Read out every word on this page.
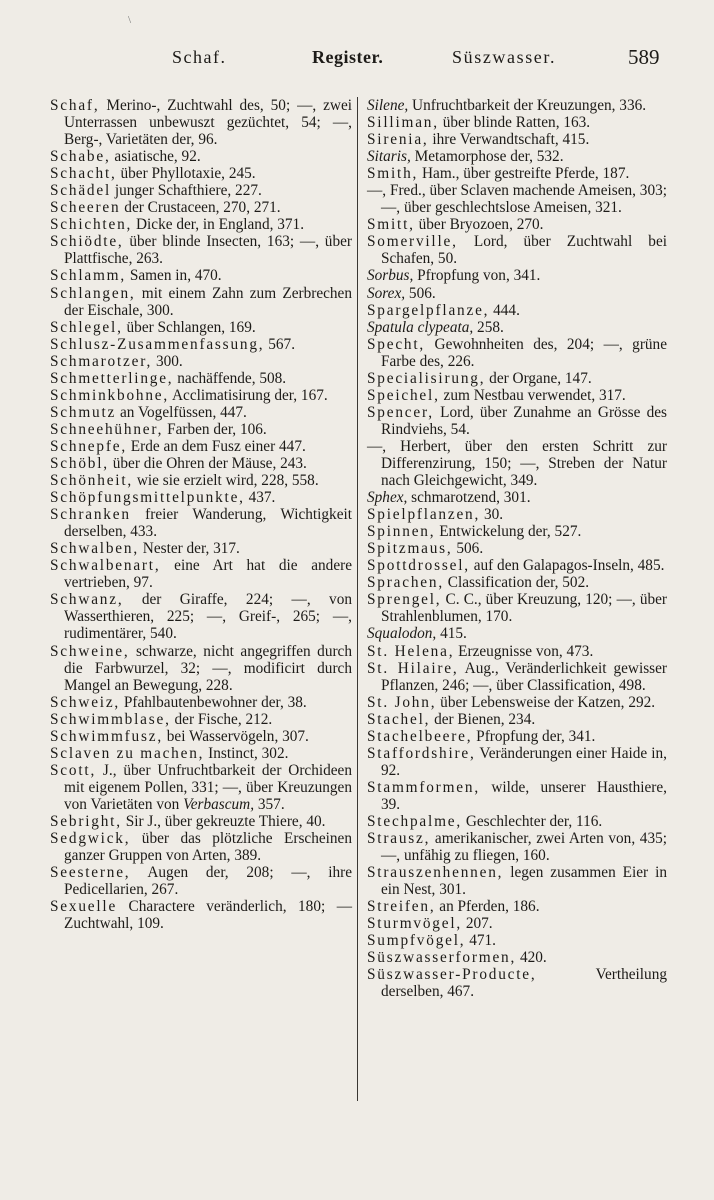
\
Schaf.	Register.	Süszwasser.	589

Schaf, Merino-, Zuchtwahl des, 50; —, zwei Unterrassen unbewuszt gezüchtet, 54; —, Berg-, Varietäten der, 96.

Schabe, asiatische, 92.

Schacht, über Phyllotaxie, 245.

Schädel junger Schafthiere, 227.

Scheeren der Crustaceen, 270, 271.

Schichten, Dicke der, in England, 371.

Schiödte, über blinde Insecten, 163; —, über Plattfische, 263.

Schlamm, Samen in, 470.

Schlangen, mit einem Zahn zum Zerbrechen der Eischale, 300.

Schlegel, über Schlangen, 169.

Schlusz-Zusammenfassung, 567.

Schmarotzer, 300.

Schmetterlinge, nachäffende, 508.

Schminkbohne, Acclimatisirung der, 167.

Schmutz an Vogelfüssen, 447.

Schneehühner, Farben der, 106.

Schnepfe, Erde an dem Fusz einer 447.

Schöbl, über die Ohren der Mäuse, 243.

Schönheit, wie sie erzielt wird, 228, 558.

Schöpfungsmittelpunkte, 437.

Schranken freier Wanderung, Wichtigkeit derselben, 433.

Schwalben, Nester der, 317.

Schwalbenart, eine Art hat die andere vertrieben, 97.

Schwanz, der Giraffe, 224; —, von Wasserthieren, 225; —, Greif-, 265; —, rudimentärer, 540.

Schweine, schwarze, nicht angegriffen durch die Farbwurzel, 32; —, modificirt durch Mangel an Bewegung, 228.

Schweiz, Pfahlbautenbewohner der, 38.

Schwimmblase, der Fische, 212.

Schwimmfusz, bei Wasservögeln, 307.

Sclaven zu machen, Instinct, 302.

Scott, J., über Unfruchtbarkeit der Orchideen mit eigenem Pollen, 331; —, über Kreuzungen von Varietäten von Verbascum, 357.

Sebright, Sir J., über gekreuzte Thiere, 40.

Sedgwick, über das plötzliche Erscheinen ganzer Gruppen von Arten, 389.

Seesterne, Augen der, 208; —, ihre Pedicellarien, 267.

Sexuelle Charactere veränderlich, 180; — Zuchtwahl, 109.

Silene, Unfruchtbarkeit der Kreuzungen, 336.

Silliman, über blinde Ratten, 163.

Sirenia, ihre Verwandtschaft, 415.

Sitaris, Metamorphose der, 532.

Smith, Ham., über gestreifte Pferde, 187.

—, Fred., über Sclaven machende Ameisen, 303; —, über geschlechtslose Ameisen, 321.

Smitt, über Bryozoen, 270.

Somerville, Lord, über Zuchtwahl bei Schafen, 50.

Sorbus, Pfropfung von, 341.

Sorex, 506.

Spargelpflanze, 444.

Spatula clypeata, 258.

Specht, Gewohnheiten des, 204; —, grüne Farbe des, 226.

Specialisirung, der Organe, 147.

Speichel, zum Nestbau verwendet, 317.

Spencer, Lord, über Zunahme an Grösse des Rindviehs, 54.

—, Herbert, über den ersten Schritt zur Differenzirung, 150; —, Streben der Natur nach Gleichgewicht, 349.

Sphex, schmarotzend, 301.

Spielpflanzen, 30.

Spinnen, Entwickelung der, 527.

Spitzmaus, 506.

Spottdrossel, auf den Galapagos-Inseln, 485.

Sprachen, Classification der, 502.

Sprengel, C. C., über Kreuzung, 120; —, über Strahlenblumen, 170.

Squalodon, 415.

St. Helena, Erzeugnisse von, 473.

St. Hilaire, Aug., Veränderlichkeit gewisser Pflanzen, 246; —, über Classification, 498.

St. John, über Lebensweise der Katzen, 292.

Stachel, der Bienen, 234.

Stachelbeere, Pfropfung der, 341.

Staffordshire, Veränderungen einer Haide in, 92.

Stammformen, wilde, unserer Hausthiere, 39.

Stechpalme, Geschlechter der, 116.

Strausz, amerikanischer, zwei Arten von, 435; —, unfähig zu fliegen, 160.

Strauszenhennen, legen zusammen Eier in ein Nest, 301.

Streifen, an Pferden, 186.

Sturmvögel, 207.

Sumpfvögel, 471.

Süszwasserformen, 420.

Süszwasser-Producte, Vertheilung derselben, 467.
